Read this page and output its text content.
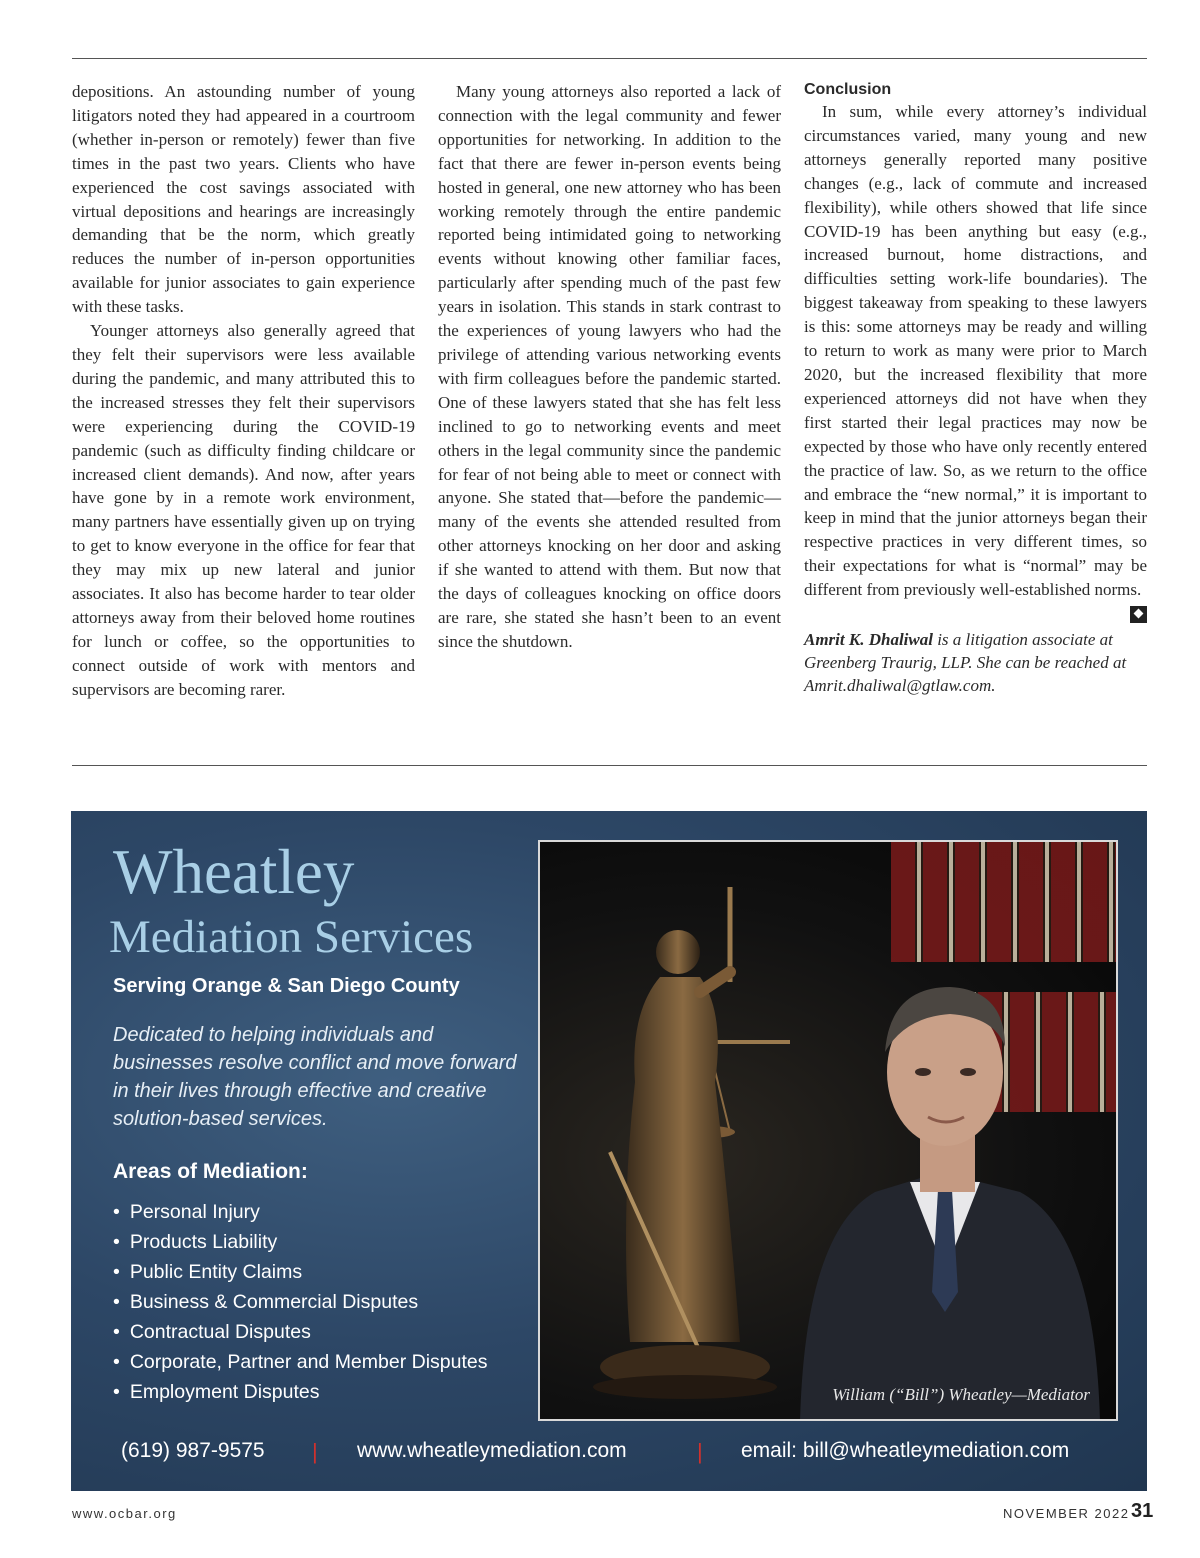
depositions. An astounding number of young litigators noted they had appeared in a courtroom (whether in-person or remotely) fewer than five times in the past two years. Clients who have experienced the cost savings associated with virtual depositions and hearings are increasingly demanding that be the norm, which greatly reduces the number of in-person opportunities available for junior associates to gain experience with these tasks.

Younger attorneys also generally agreed that they felt their supervisors were less available during the pandemic, and many attributed this to the increased stresses they felt their supervisors were experiencing during the COVID-19 pandemic (such as difficulty finding childcare or increased client demands). And now, after years have gone by in a remote work environment, many partners have essentially given up on trying to get to know everyone in the office for fear that they may mix up new lateral and junior associates. It also has become harder to tear older attorneys away from their beloved home routines for lunch or coffee, so the opportunities to connect outside of work with mentors and supervisors are becoming rarer.

Many young attorneys also reported a lack of connection with the legal community and fewer opportunities for networking. In addition to the fact that there are fewer in-person events being hosted in general, one new attorney who has been working remotely through the entire pandemic reported being intimidated going to networking events without knowing other familiar faces, particularly after spending much of the past few years in isolation. This stands in stark contrast to the experiences of young lawyers who had the privilege of attending various networking events with firm colleagues before the pandemic started. One of these lawyers stated that she has felt less inclined to go to networking events and meet others in the legal community since the pandemic for fear of not being able to meet or connect with anyone. She stated that—before the pandemic—many of the events she attended resulted from other attorneys knocking on her door and asking if she wanted to attend with them. But now that the days of colleagues knocking on office doors are rare, she stated she hasn’t been to an event since the shutdown.

Conclusion

In sum, while every attorney’s individual circumstances varied, many young and new attorneys generally reported many positive changes (e.g., lack of commute and increased flexibility), while others showed that life since COVID-19 has been anything but easy (e.g., increased burnout, home distractions, and difficulties setting work-life boundaries). The biggest takeaway from speaking to these lawyers is this: some attorneys may be ready and willing to return to work as many were prior to March 2020, but the increased flexibility that more experienced attorneys did not have when they first started their legal practices may now be expected by those who have only recently entered the practice of law. So, as we return to the office and embrace the “new normal,” it is important to keep in mind that the junior attorneys began their respective practices in very different times, so their expectations for what is “normal” may be different from previously well-established norms.

Amrit K. Dhaliwal is a litigation associate at Greenberg Traurig, LLP. She can be reached at Amrit.dhaliwal@gtlaw.com.

Wheatley
Mediation Services
Serving Orange & San Diego County
Dedicated to helping individuals and businesses resolve conflict and move forward in their lives through effective and creative solution-based services.
Areas of Mediation:
• Personal Injury
• Products Liability
• Public Entity Claims
• Business & Commercial Disputes
• Contractual Disputes
• Corporate, Partner and Member Disputes
• Employment Disputes	William (“Bill”) Wheatley—Mediator
(619) 987-9575 | www.wheatleymediation.com	| email: bill@wheatleymediation.com
www.ocbar.org	NOVEMBER 2022 31
